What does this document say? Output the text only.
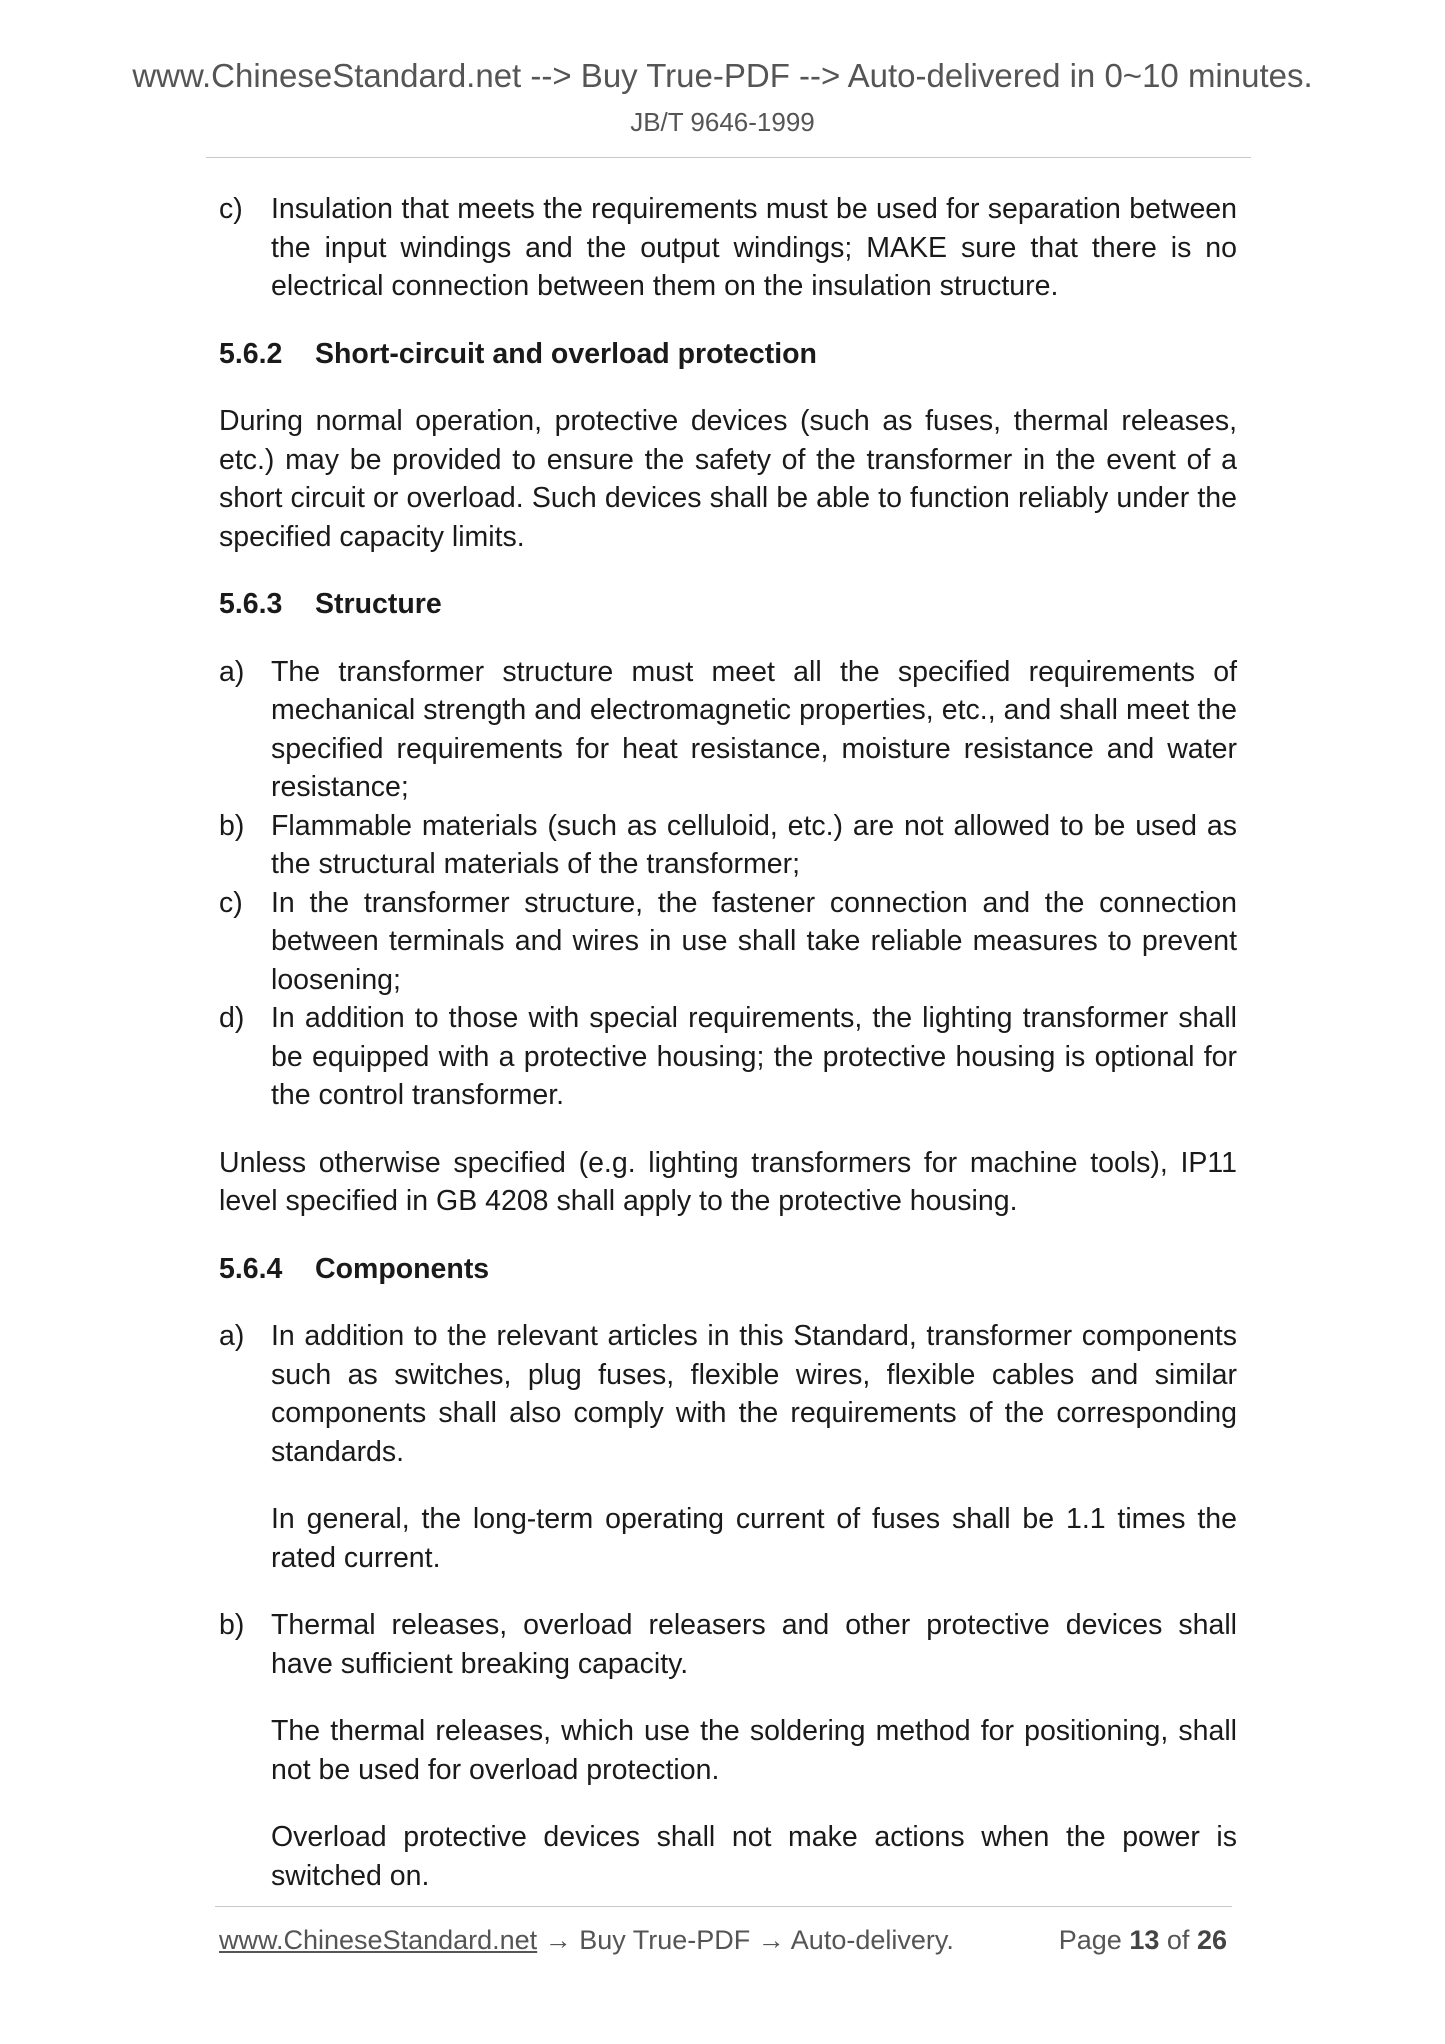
www.ChineseStandard.net --> Buy True-PDF --> Auto-delivered in 0~10 minutes.
JB/T 9646-1999
c) Insulation that meets the requirements must be used for separation between the input windings and the output windings; MAKE sure that there is no electrical connection between them on the insulation structure.
5.6.2 Short-circuit and overload protection

During normal operation, protective devices (such as fuses, thermal releases, etc.) may be provided to ensure the safety of the transformer in the event of a short circuit or overload. Such devices shall be able to function reliably under the specified capacity limits.

5.6.3 Structure
a) The transformer structure must meet all the specified requirements of mechanical strength and electromagnetic properties, etc., and shall meet the specified requirements for heat resistance, moisture resistance and water resistance;
b) Flammable materials (such as celluloid, etc.) are not allowed to be used as the structural materials of the transformer;
c) In the transformer structure, the fastener connection and the connection between terminals and wires in use shall take reliable measures to prevent loosening;
d) In addition to those with special requirements, the lighting transformer shall be equipped with a protective housing; the protective housing is optional for the control transformer.

Unless otherwise specified (e.g. lighting transformers for machine tools), IP11 level specified in GB 4208 shall apply to the protective housing.

5.6.4 Components
a) In addition to the relevant articles in this Standard, transformer components such as switches, plug fuses, flexible wires, flexible cables and similar components shall also comply with the requirements of the corresponding standards.

In general, the long-term operating current of fuses shall be 1.1 times the rated current.

b) Thermal releases, overload releasers and other protective devices shall have sufficient breaking capacity.

The thermal releases, which use the soldering method for positioning, shall not be used for overload protection.

Overload protective devices shall not make actions when the power is switched on.

www.ChineseStandard.net → Buy True-PDF → Auto-delivery.	Page 13 of 26
